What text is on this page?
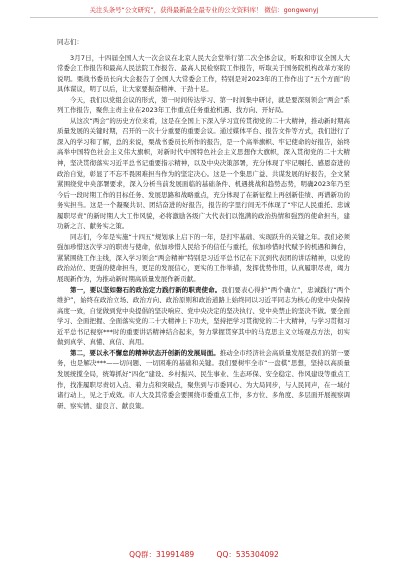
关注头条号“公文研究”，获得最新最全最专业的公文资料库！ 微信：gongwenyj

同志们：

3月7日，十四届全国人大一次会议在北京人民大会堂举行第二次全体会议，听取和审议全国人大常委会工作报告和最高人民法院工作报告、最高人民检察院工作报告，听取关于国务院机构改革方案的说明。栗战书委员长向大会报告了全国人大常委会工作，特别是对2023年的工作作出了“五个方面”的具体谋议，明了以后，让大家要振奋精神、干劲十足。

今天，我们以党组会议的形式，第一时间传达学习、第一时间集中研讨，就是要深刻领会“两会”系列工作报告，聚焦主责主业在2023年工作重点任务重抢机遇、找方向、开好局。

从这次“两会”的历史方位来看，这是在全国上下深入学习宣传贯彻党的二十大精神，推动新时期高质量发展的关键时期，召开的一次十分重要的重要会议。通过媒体平台、报告文件等方式，我们进行了深入的学习和了解，总的来说，栗战书委员长所作的报告，是一个高举旗帜、牢记使命的好报告，始终高举中国特色社会主义伟大旗帜，对新时代中国特色社会主义思想作大旗帜，深入贯彻党的二十大精神，坚决贯彻落实习近平总书记重要指示精神，以及中央决策部署，充分体现了牢记嘱托、感恩奋进的政治自觉，彰显了不忘不畏困难担当作为的坚定决心。这是一个集思广益、共谋发展的好报告，全文紧紧围绕党中央部署要求，深入分析当前发展面临的基础条件、机遇挑战和趋势态势，明确2023年乃至今后一段时期工作的目标任务、发展思路和战略重点，充分体现了在新征程上再创新佳绩、再谱新功的务实担当。这是一个凝聚共识、团结奋进的好报告，报告的字里行间无不体现了“牢记人民重托、忠诚履职尽责”的新时期人大工作风貌，必将激励各级广大代表们以饱满的政治热情和强烈的使命担当，建功新之言、献务实之策。

同志们，今年是实施“十四五”规划承上启下的一年，是打牢基础、实现跃升的关键之年。我们必须强加珍惜这次学习的职责与使命，依加珍惜人民给予的信任与重托，依加珍惜时代赋予的机遇和舞台，紧紧围绕工作主线，深入学习领会“两会精神”特别是习近平总书记在下沉到代表团的讲话精神，以党的政治站位、更强的使命担当，更足的发展信心，更实的工作举措，发挥优势作用，认真履职尽责，竭力展现新作为，为推动新时期高质量发展作新贡献。

第一，要以坚如磐石的政治定力践行新的职责使命。我们要表心得护“两个确立”，忠诚践行“两个维护”，始终在政治立场、政治方向、政治原则和政治道路上始终同以习近平同志为核心的党中央保持高度一致，自觉做到党中央提倡的坚决响应、党中央决定的坚决执行、党中央禁止的坚决不做。要全面学习、全面把握、全面落实党的二十大精神上下功夫，坚持把学习贯彻党的二十大精神，与学习贯彻习近平总书记视察***时的重要讲话精神结合起来，努力掌握贯穿其中的马克思主义立场观点方法，切实做到真学、真懂、真信、真用。

第二，要以永不懈怠的精神状态开创新的发展局面。推动全市经济社会高质量发展是我们的第一要务，也是解决***——切问题、一切困难的基础和关键。我们要树牢全市“一盘棋”思想，坚持以高质量发展统揽全局，统筹抓好“四化”建设、乡村振兴、民生事业、生态环保、安全稳定、作风建设等重点工作，找准履职尽责切入点、着力点和突破点，聚焦到与市委同心、为大局同步，与人民同声，在一域付诸行动上，见之于成效。市人大及其常委会要围绕市委重点工作，多方位、多角度、多层面开展视察调研、察实情、建良言、献良策。

QQ群：31991489	QQ：535304092
